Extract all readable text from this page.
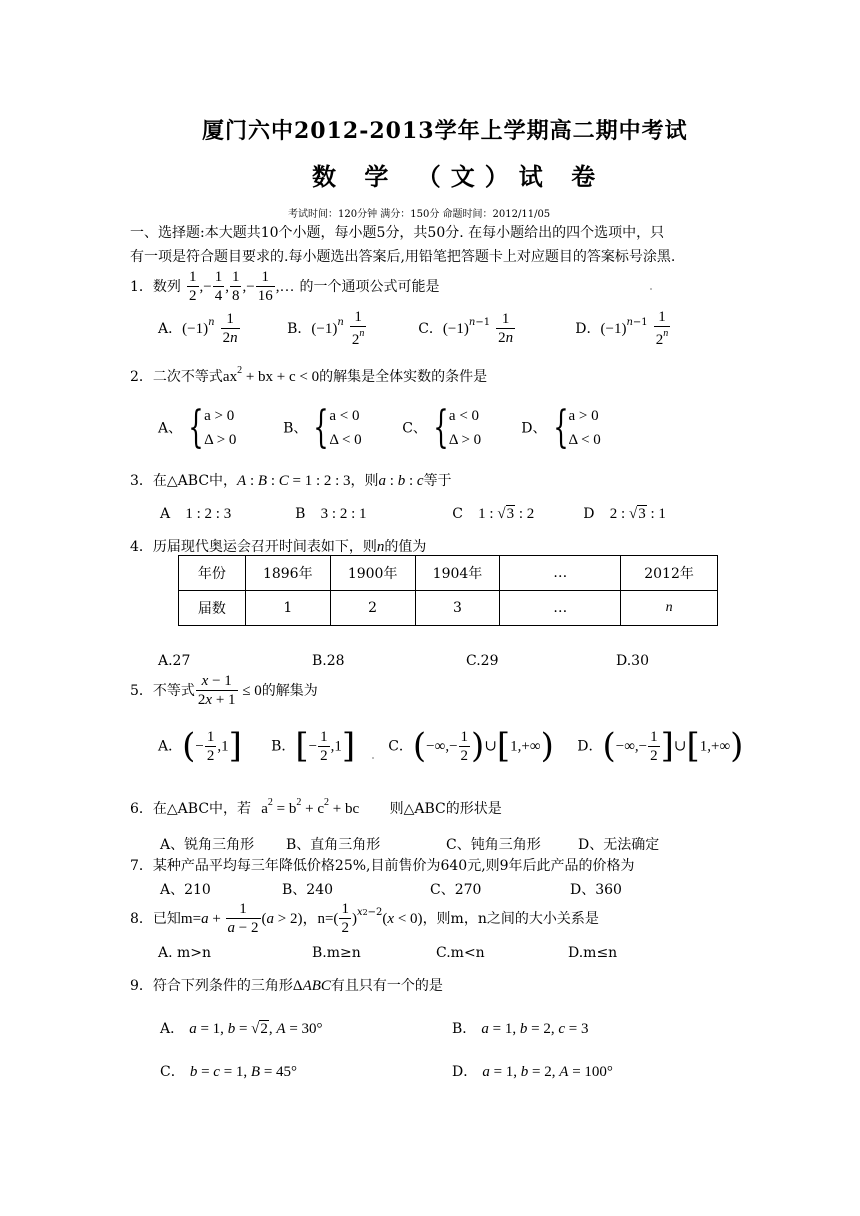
厦门六中2012-2013学年上学期高二期中考试
数 学 （文）试 卷
考试时间：120分钟 满分：150分 命题时间：2012/11/05
一、选择题:本大题共10个小题，每小题5分，共50分. 在每小题给出的四个选项中，只
有一项是符合题目要求的.每小题选出答案后,用铅笔把答题卡上对应题目的答案标号涂黑.
1．数列 $\frac{1}{2}$ ,− $\frac{1}{4}$ , $\frac{1}{8}$ ,− $\frac{1}{16}$ ,… 的一个通项公式可能是
A．$(-1)^n \frac{1}{2n}$	B．$(-1)^n \frac{1}{2^n}$	C．$(-1)^{n-1} \frac{1}{2n}$	D．$(-1)^{n-1} \frac{1}{2^n}$
2．二次不等式$ax^2$ + bx + c < 0的解集是全体实数的条件是
A、 { a > 0
Δ > 0
B、 { a < 0
Δ < 0
C、 { a < 0
Δ > 0
D、 { a > 0
Δ < 0
3．在△ABC中，A : B : C = 1 : 2 : 3，则a : b : c等于
A 1 : 2 : 3	B 3 : 2 : 1	C 1 : √3 : 2	D 2 : √3 : 1
4．历届现代奥运会召开时间表如下，则n的值为
年份	1896年	1900年	1904年	…	2012年
届数	1	2	3	…	n
A.27	B.28	C.29	D.30
5．不等式 $\frac{x - 1}{2x + 1} \le 0$的解集为
A．(− $\frac{1}{2} ,1$] B．[− $\frac{1}{2} ,1$] C．(−∞,− $\frac{1}{2}$ )∪[1,+∞) D．(−∞,− $\frac{1}{2}$ ]∪[1,+∞)
6．在△ABC中，若 $a^2 = b^2 + c^2$ + bc 则△ABC的形状是
A、锐角三角形 B、直角三角形	C、钝角三角形	D、无法确定
7．某种产品平均每三年降低价格25%,目前售价为640元,则9年后此产品的价格为
A、210	B、240	C、270	D、360
8．已知$m=a + \frac{1}{a - 2} (a > 2)$，$n=( \frac{1}{2} )^{x2-2}(x < 0)$，则m，n之间的大小关系是
A. m>n	B.m≥n	C.m<n	D.m≤n
9．符合下列条件的三角形ΔABC有且只有一个的是
A． a = 1, b = √2, A = 30°	B． a = 1, b = 2, c = 3
C． b = c = 1, B = 45°	D． a = 1, b = 2, A = 100°
